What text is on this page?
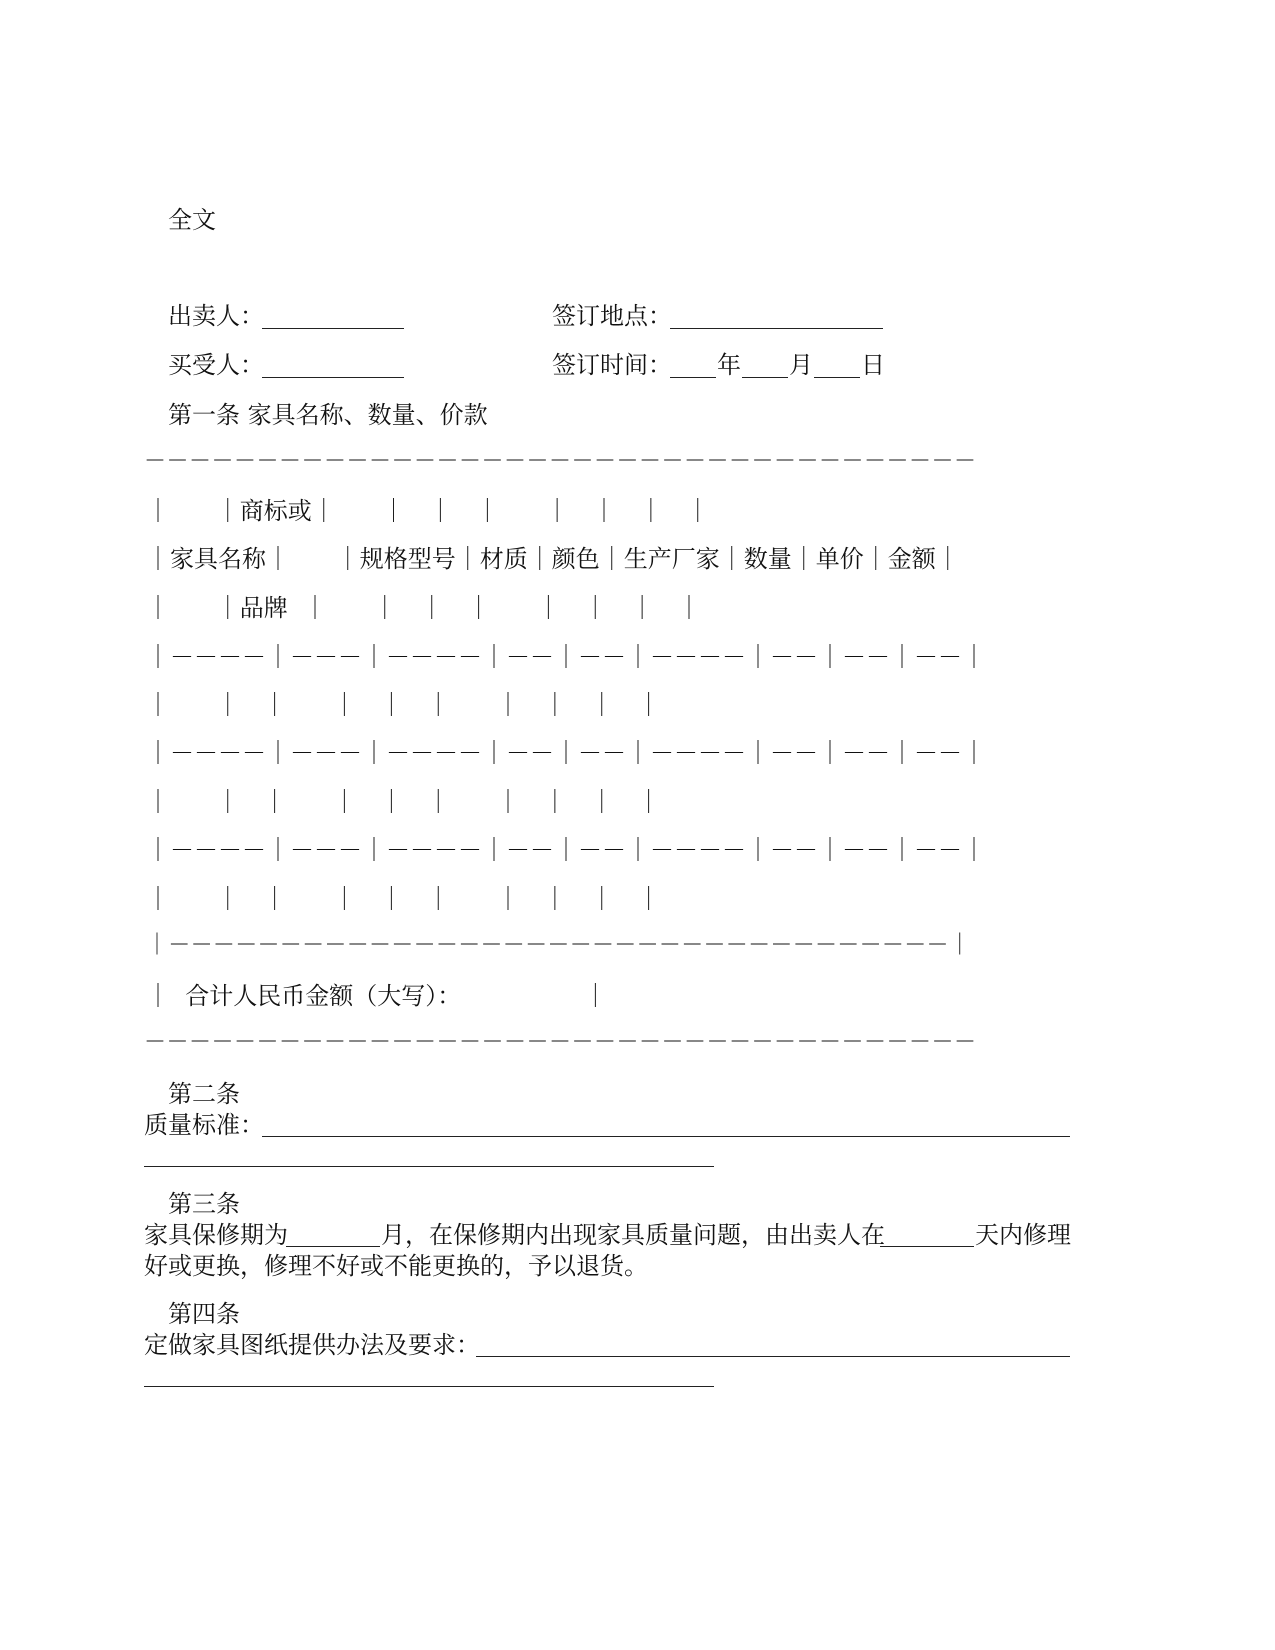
全文
出卖人：	签订地点：
买受人：	签订时间： 年 月 日
第一条 家具名称、数量、价款
－－－－－－－－－－－－－－－－－－－－－－－－－－－－－－－－－－－－－
｜      ｜商标或｜      ｜   ｜   ｜      ｜   ｜   ｜   ｜
｜家具名称｜      ｜规格型号｜材质｜颜色｜生产厂家｜数量｜单价｜金额｜
｜      ｜品牌  ｜      ｜   ｜   ｜      ｜   ｜   ｜   ｜
｜－－－－｜－－－｜－－－－｜－－｜－－｜－－－－｜－－｜－－｜－－｜
｜      ｜   ｜      ｜   ｜   ｜      ｜   ｜   ｜   ｜
｜－－－－｜－－－｜－－－－｜－－｜－－｜－－－－｜－－｜－－｜－－｜
｜      ｜   ｜      ｜   ｜   ｜      ｜   ｜   ｜   ｜
｜－－－－｜－－－｜－－－－｜－－｜－－｜－－－－｜－－｜－－｜－－｜
｜      ｜   ｜      ｜   ｜   ｜      ｜   ｜   ｜   ｜
｜－－－－－－－－－－－－－－－－－－－－－－－－－－－－－－－－－－－｜
｜  合计人民币金额（大写）：                ｜
－－－－－－－－－－－－－－－－－－－－－－－－－－－－－－－－－－－－－
第二条
质量标准：
第三条
家具保修期为	月，在保修期内出现家具质量问题，由出卖人在	天内修理
好或更换，修理不好或不能更换的，予以退货。
第四条
定做家具图纸提供办法及要求：
